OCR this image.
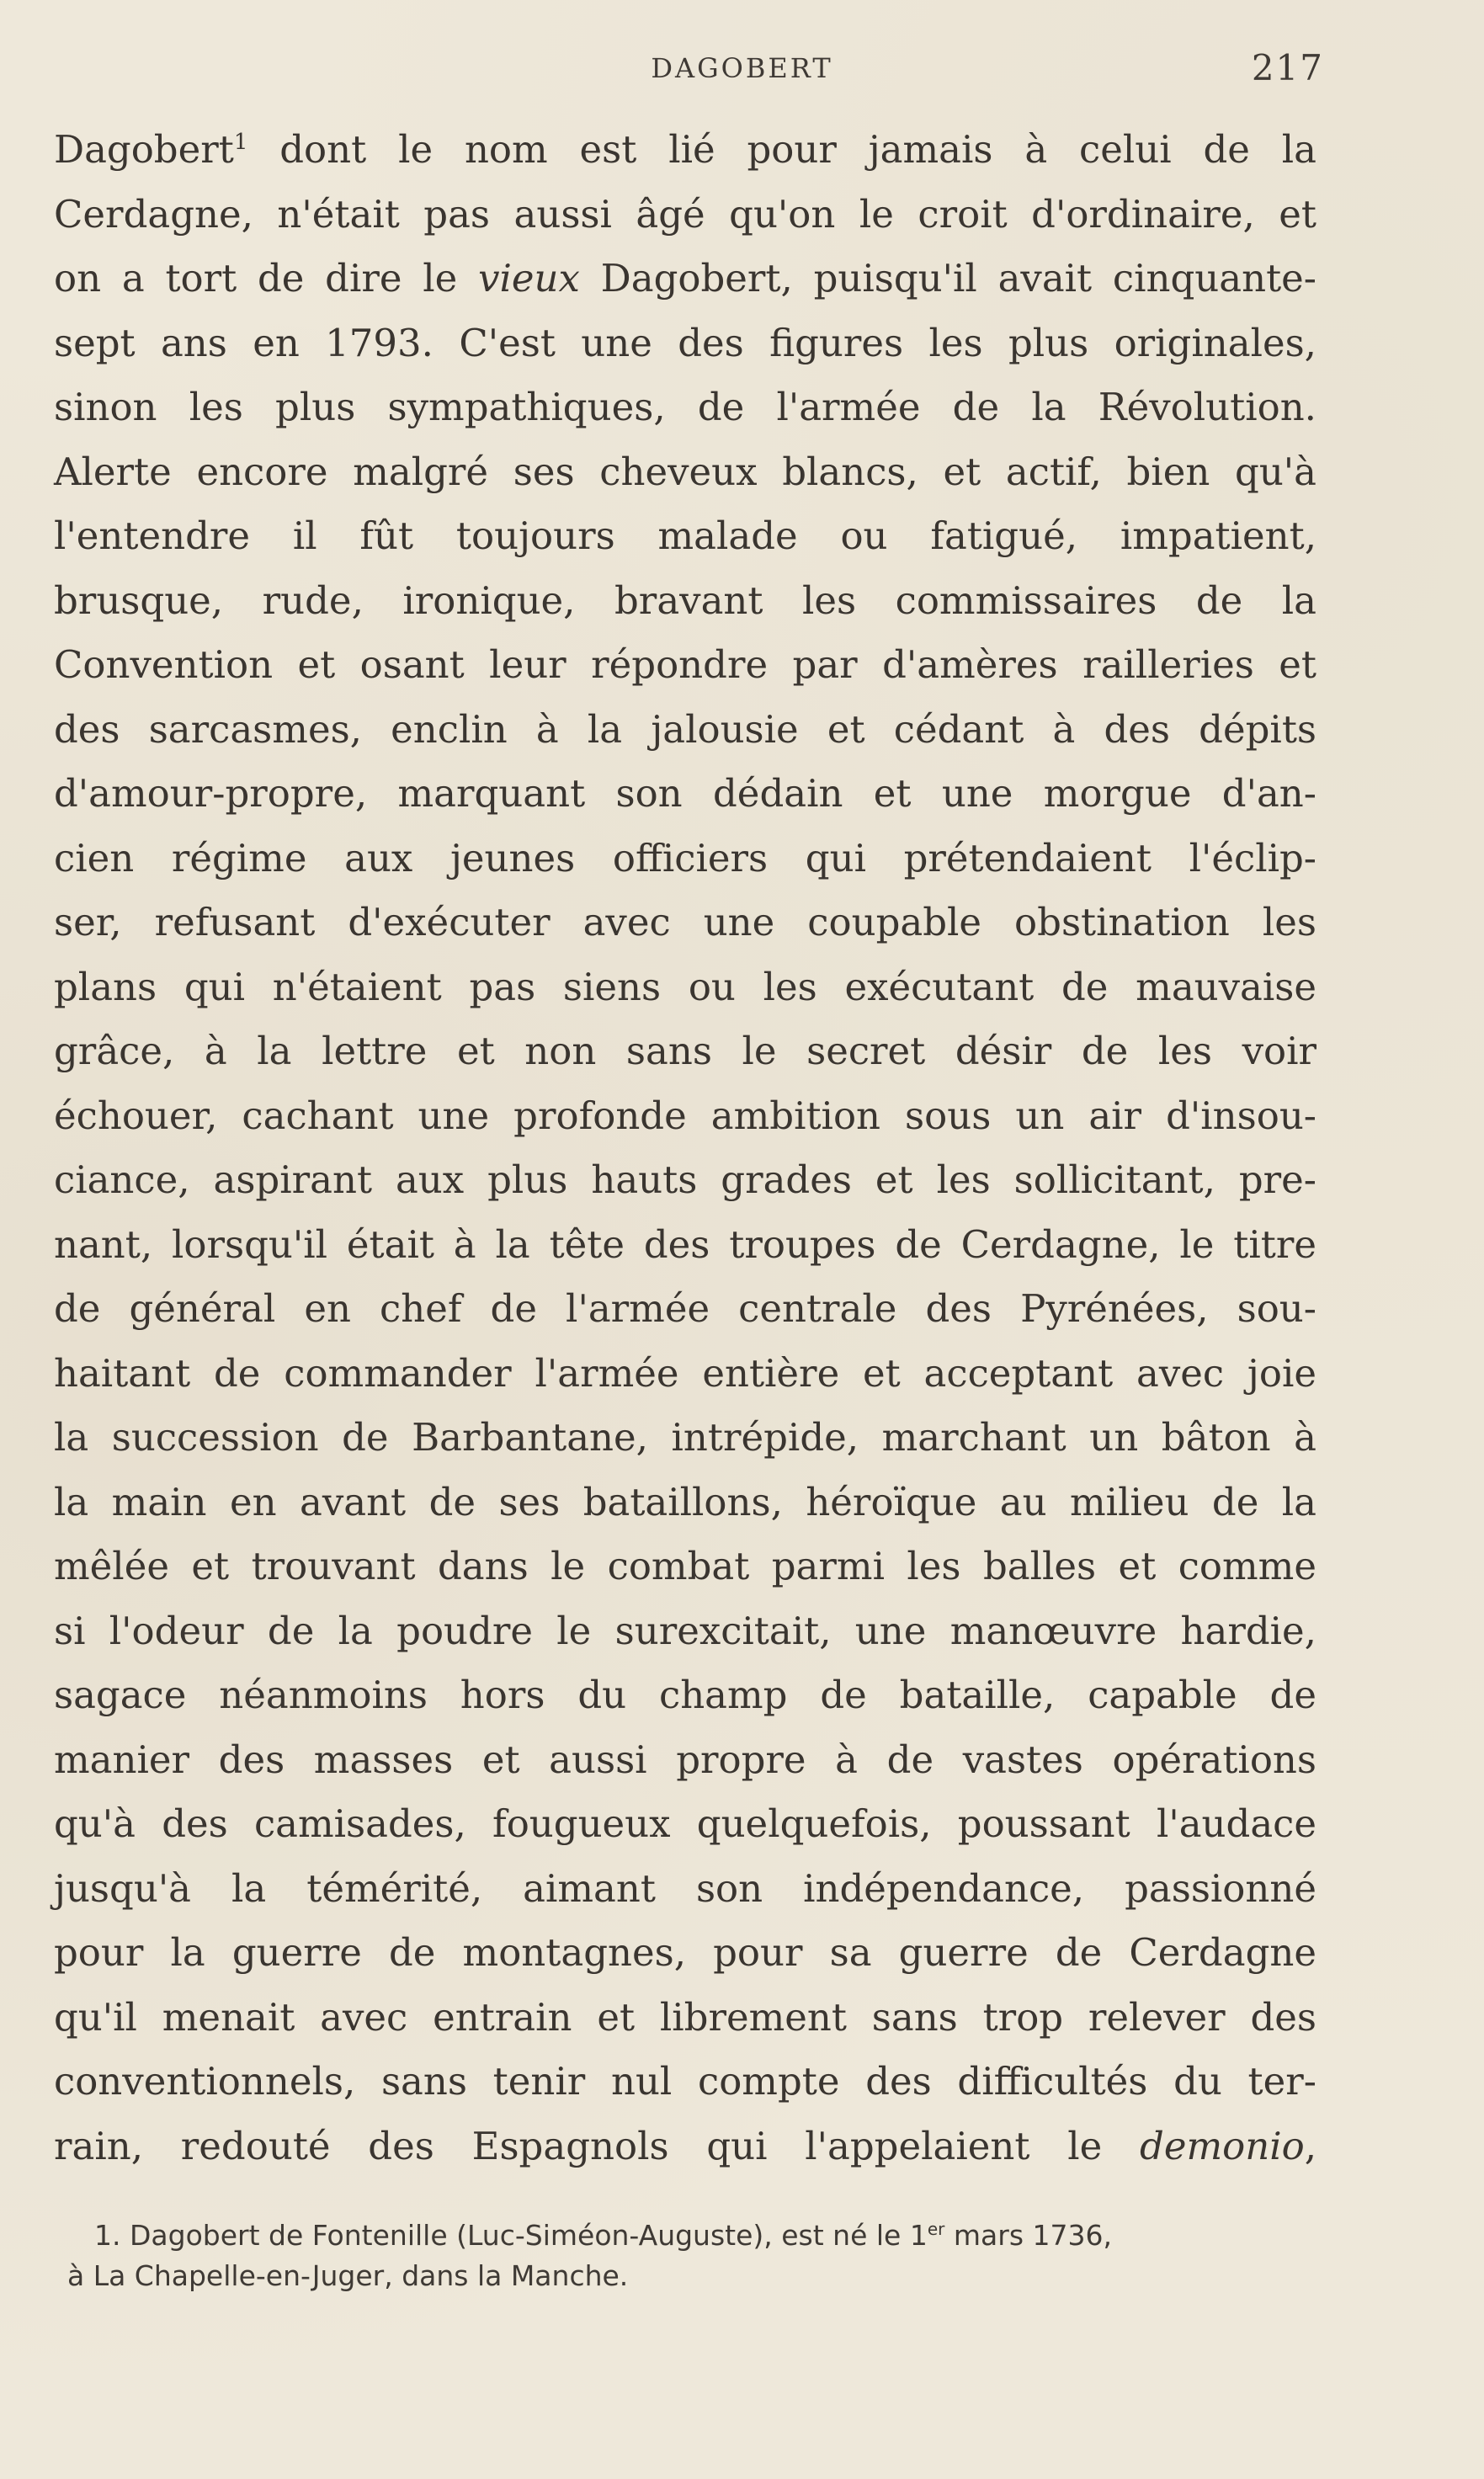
DAGOBERT	217
Dagobert$^1$ dont le nom est lié pour jamais à celui de la
Cerdagne, n'était pas aussi âgé qu'on le croit d'ordinaire, et
on a tort de dire le vieux Dagobert, puisqu'il avait cinquante-
sept ans en 1793. C'est une des figures les plus originales,
sinon les plus sympathiques, de l'armée de la Révolution.
Alerte encore malgré ses cheveux blancs, et actif, bien qu'à
l'entendre il fût toujours malade ou fatigué, impatient,
brusque, rude, ironique, bravant les commissaires de la
Convention et osant leur répondre par d'amères railleries et
des sarcasmes, enclin à la jalousie et cédant à des dépits
d'amour-propre, marquant son dédain et une morgue d'an-
cien régime aux jeunes officiers qui prétendaient l'éclip-
ser, refusant d'exécuter avec une coupable obstination les
plans qui n'étaient pas siens ou les exécutant de mauvaise
grâce, à la lettre et non sans le secret désir de les voir
échouer, cachant une profonde ambition sous un air d'insou-
ciance, aspirant aux plus hauts grades et les sollicitant, pre-
nant, lorsqu'il était à la tête des troupes de Cerdagne, le titre
de général en chef de l'armée centrale des Pyrénées, sou-
haitant de commander l'armée entière et acceptant avec joie
la succession de Barbantane, intrépide, marchant un bâton à
la main en avant de ses bataillons, héroïque au milieu de la
mêlée et trouvant dans le combat parmi les balles et comme
si l'odeur de la poudre le surexcitait, une manœuvre hardie,
sagace néanmoins hors du champ de bataille, capable de
manier des masses et aussi propre à de vastes opérations
qu'à des camisades, fougueux quelquefois, poussant l'audace
jusqu'à la témérité, aimant son indépendance, passionné
pour la guerre de montagnes, pour sa guerre de Cerdagne
qu'il menait avec entrain et librement sans trop relever des
conventionnels, sans tenir nul compte des difficultés du ter-
rain, redouté des Espagnols qui l'appelaient le demonio,
1. Dagobert de Fontenille (Luc-Siméon-Auguste), est né le 1er mars 1736,
à La Chapelle-en-Juger, dans la Manche.
